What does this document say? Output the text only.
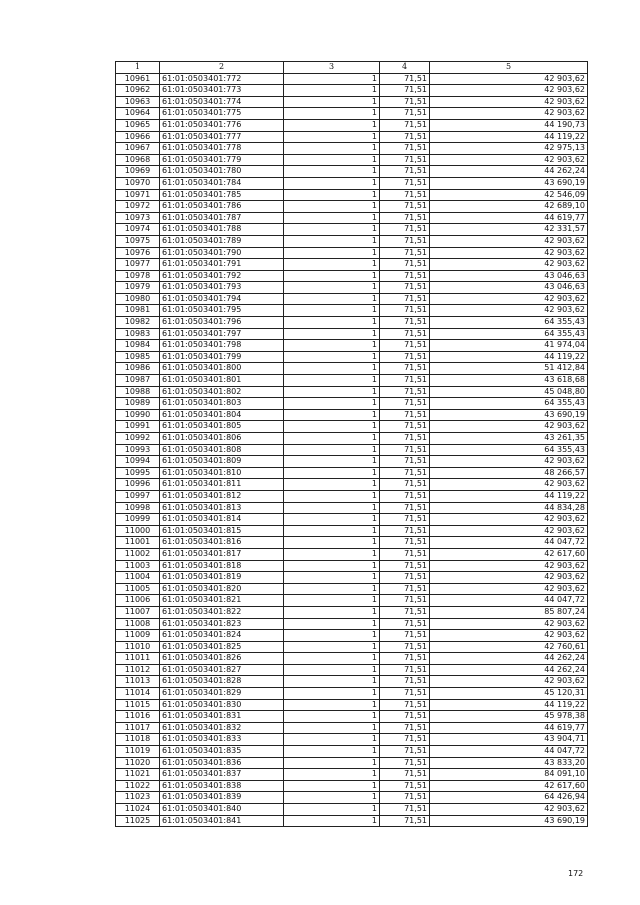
1	2	3	4	5
10961	61:01:0503401:772	1	71,51	42 903,62
10962	61:01:0503401:773	1	71,51	42 903,62
10963	61:01:0503401:774	1	71,51	42 903,62
10964	61:01:0503401:775	1	71,51	42 903,62
10965	61:01:0503401:776	1	71,51	44 190,73
10966	61:01:0503401:777	1	71,51	44 119,22
10967	61:01:0503401:778	1	71,51	42 975,13
10968	61:01:0503401:779	1	71,51	42 903,62
10969	61:01:0503401:780	1	71,51	44 262,24
10970	61:01:0503401:784	1	71,51	43 690,19
10971	61:01:0503401:785	1	71,51	42 546,09
10972	61:01:0503401:786	1	71,51	42 689,10
10973	61:01:0503401:787	1	71,51	44 619,77
10974	61:01:0503401:788	1	71,51	42 331,57
10975	61:01:0503401:789	1	71,51	42 903,62
10976	61:01:0503401:790	1	71,51	42 903,62
10977	61:01:0503401:791	1	71,51	42 903,62
10978	61:01:0503401:792	1	71,51	43 046,63
10979	61:01:0503401:793	1	71,51	43 046,63
10980	61:01:0503401:794	1	71,51	42 903,62
10981	61:01:0503401:795	1	71,51	42 903,62
10982	61:01:0503401:796	1	71,51	64 355,43
10983	61:01:0503401:797	1	71,51	64 355,43
10984	61:01:0503401:798	1	71,51	41 974,04
10985	61:01:0503401:799	1	71,51	44 119,22
10986	61:01:0503401:800	1	71,51	51 412,84
10987	61:01:0503401:801	1	71,51	43 618,68
10988	61:01:0503401:802	1	71,51	45 048,80
10989	61:01:0503401:803	1	71,51	64 355,43
10990	61:01:0503401:804	1	71,51	43 690,19
10991	61:01:0503401:805	1	71,51	42 903,62
10992	61:01:0503401:806	1	71,51	43 261,35
10993	61:01:0503401:808	1	71,51	64 355,43
10994	61:01:0503401:809	1	71,51	42 903,62
10995	61:01:0503401:810	1	71,51	48 266,57
10996	61:01:0503401:811	1	71,51	42 903,62
10997	61:01:0503401:812	1	71,51	44 119,22
10998	61:01:0503401:813	1	71,51	44 834,28
10999	61:01:0503401:814	1	71,51	42 903,62
11000	61:01:0503401:815	1	71,51	42 903,62
11001	61:01:0503401:816	1	71,51	44 047,72
11002	61:01:0503401:817	1	71,51	42 617,60
11003	61:01:0503401:818	1	71,51	42 903,62
11004	61:01:0503401:819	1	71,51	42 903,62
11005	61:01:0503401:820	1	71,51	42 903,62
11006	61:01:0503401:821	1	71,51	44 047,72
11007	61:01:0503401:822	1	71,51	85 807,24
11008	61:01:0503401:823	1	71,51	42 903,62
11009	61:01:0503401:824	1	71,51	42 903,62
11010	61:01:0503401:825	1	71,51	42 760,61
11011	61:01:0503401:826	1	71,51	44 262,24
11012	61:01:0503401:827	1	71,51	44 262,24
11013	61:01:0503401:828	1	71,51	42 903,62
11014	61:01:0503401:829	1	71,51	45 120,31
11015	61:01:0503401:830	1	71,51	44 119,22
11016	61:01:0503401:831	1	71,51	45 978,38
11017	61:01:0503401:832	1	71,51	44 619,77
11018	61:01:0503401:833	1	71,51	43 904,71
11019	61:01:0503401:835	1	71,51	44 047,72
11020	61:01:0503401:836	1	71,51	43 833,20
11021	61:01:0503401:837	1	71,51	84 091,10
11022	61:01:0503401:838	1	71,51	42 617,60
11023	61:01:0503401:839	1	71,51	64 426,94
11024	61:01:0503401:840	1	71,51	42 903,62
11025	61:01:0503401:841	1	71,51	43 690,19
172
